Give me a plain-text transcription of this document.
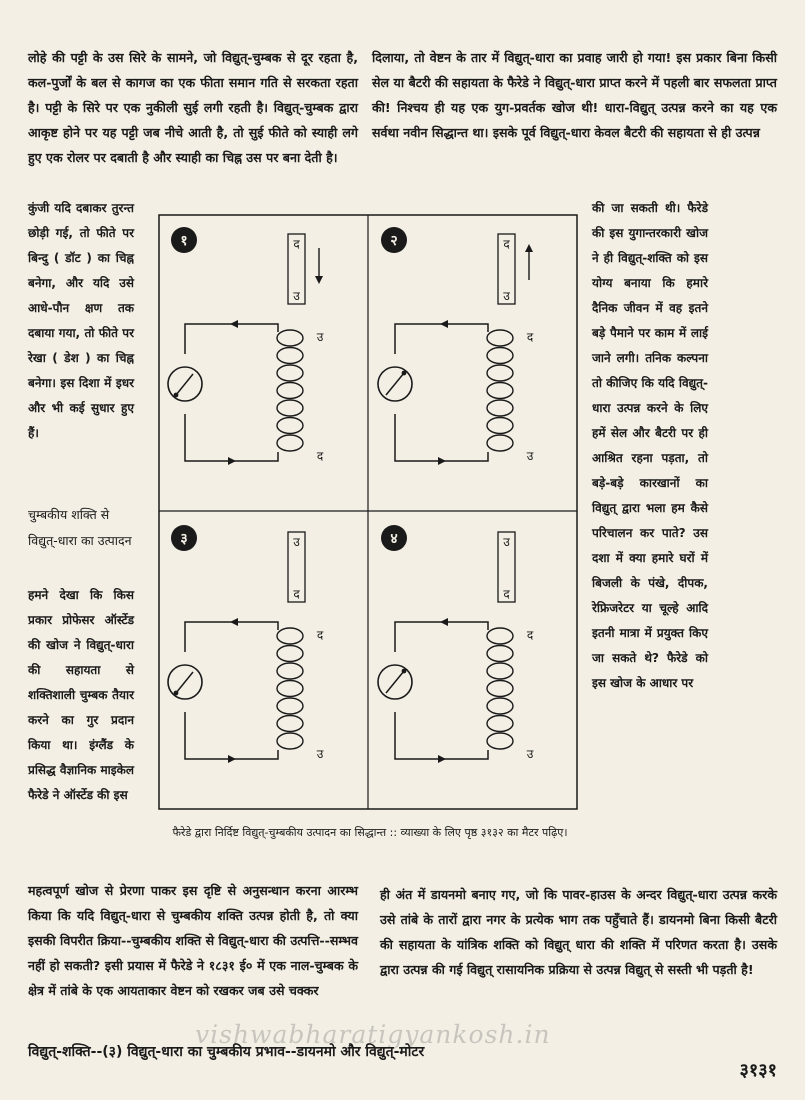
लोहे की पट्टी के उस सिरे के सामने, जो विद्युत्-चुम्बक से दूर रहता है, कल-पुर्जों के बल से कागज का एक फीता समान गति से सरकता रहता है। पट्टी के सिरे पर एक नुकीली सुई लगी रहती है। विद्युत्-चुम्बक द्वारा आकृष्ट होने पर यह पट्टी जब नीचे आती है, तो सुई फीते को स्याही लगे हुए एक रोलर पर दबाती है और स्याही का चिह्न उस पर बना देती है।
कुंजी यदि दबाकर तुरन्त छोड़ी गई, तो फीते पर बिन्दु ( डॉट ) का चिह्न बनेगा, और यदि उसे आधे-पौन क्षण तक दबाया गया, तो फीते पर रेखा ( डेश ) का चिह्न बनेगा। इस दिशा में इधर और भी कई सुधार हुए हैं।
चुम्बकीय शक्ति से विद्युत्-धारा का उत्पादन
हमने देखा कि किस प्रकार प्रोफेसर ऑर्स्टेड की खोज ने विद्युत्-धारा की सहायता से शक्तिशाली चुम्बक तैयार करने का गुर प्रदान किया था। इंग्लैंड के प्रसिद्ध वैज्ञानिक माइकेल फैरेडे ने ऑर्स्टेड की इस
महत्वपूर्ण खोज से प्रेरणा पाकर इस दृष्टि से अनुसन्धान करना आरम्भ किया कि यदि विद्युत्-धारा से चुम्बकीय शक्ति उत्पन्न होती है, तो क्या इसकी विपरीत क्रिया--चुम्बकीय शक्ति से विद्युत्-धारा की उत्पत्ति--सम्भव नहीं हो सकती? इसी प्रयास में फैरेडे ने १८३१ ई० में एक नाल-चुम्बक के क्षेत्र में तांबे के एक आयताकार वेष्टन को रखकर जब उसे चक्कर
दिलाया, तो वेष्टन के तार में विद्युत्-धारा का प्रवाह जारी हो गया! इस प्रकार बिना किसी सेल या बैटरी की सहायता के फैरेडे ने विद्युत्-धारा प्राप्त करने में पहली बार सफलता प्राप्त की! निश्चय ही यह एक युग-प्रवर्तक खोज थी! धारा-विद्युत् उत्पन्न करने का यह एक सर्वथा नवीन सिद्धान्त था। इसके पूर्व विद्युत्-धारा केवल बैटरी की सहायता से ही उत्पन्न
की जा सकती थी। फैरेडे की इस युगान्तरकारी खोज ने ही विद्युत्-शक्ति को इस योग्य बनाया कि हमारे दैनिक जीवन में वह इतने बड़े पैमाने पर काम में लाई जाने लगी। तनिक कल्पना तो कीजिए कि यदि विद्युत्-धारा उत्पन्न करने के लिए हमें सेल और बैटरी पर ही आश्रित रहना पड़ता, तो बड़े-बड़े कारखानों का विद्युत् द्वारा भला हम कैसे परिचालन कर पाते? उस दशा में क्या हमारे घरों में बिजली के पंखे, दीपक, रेफ्रिजरेटर या चूल्हे आदि इतनी मात्रा में प्रयुक्त किए जा सकते थे? फैरेडे को इस खोज के आधार पर
ही अंत में डायनमो बनाए गए, जो कि पावर-हाउस के अन्दर विद्युत्-धारा उत्पन्न करके उसे तांबे के तारों द्वारा नगर के प्रत्येक भाग तक पहुँचाते हैं। डायनमो बिना किसी बैटरी की सहायता के यांत्रिक शक्ति को विद्युत् धारा की शक्ति में परिणत करता है। उसके द्वारा उत्पन्न की गई विद्युत् रासायनिक प्रक्रिया से उत्पन्न विद्युत् से सस्ती भी पड़ती है!
१	द
उ
उ
द
२	द
उ
द
उ
३	उ
द
द
उ
४	उ
द
द
उ
फैरेडे द्वारा निर्दिष्ट विद्युत्-चुम्बकीय उत्पादन का सिद्धान्त :: व्याख्या के लिए पृष्ठ ३१३२ का मैटर पढ़िए।
vishwabharatigyankosh.in
विद्युत्-शक्ति--(३) विद्युत्-धारा का चुम्बकीय प्रभाव--डायनमो और विद्युत्-मोटर
३१३१
